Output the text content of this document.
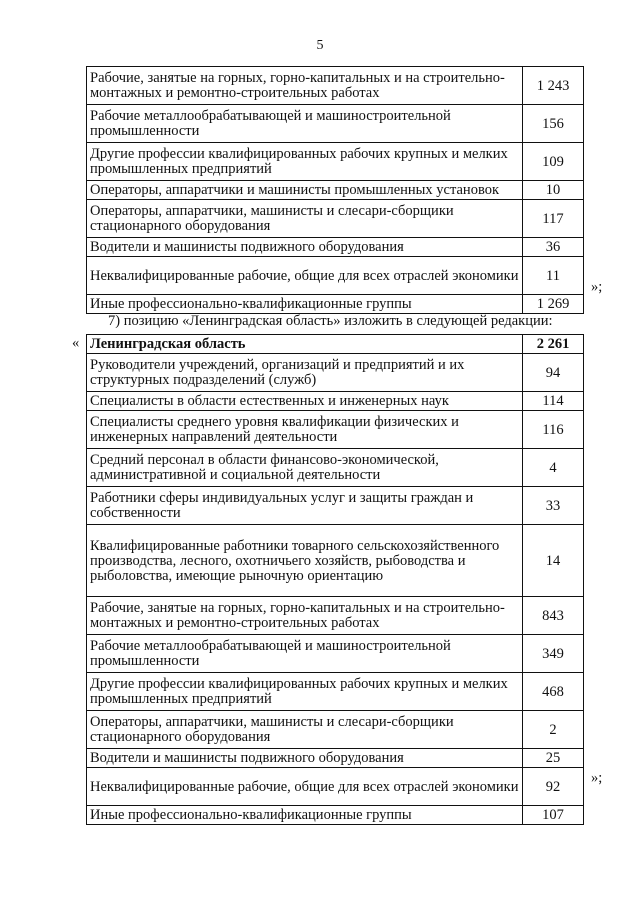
5
Рабочие, занятые на горных, горно-капитальных и на строительно-монтажных и ремонтно-строительных работах	1 243
Рабочие металлообрабатывающей и машиностроительной промышленности	156
Другие профессии квалифицированных рабочих крупных и мелких промышленных предприятий	109
Операторы, аппаратчики и машинисты промышленных установок	10
Операторы, аппаратчики, машинисты и слесари-сборщики стационарного оборудования	117
Водители и машинисты подвижного оборудования	36
Неквалифицированные рабочие, общие для всех отраслей экономики	11
Иные профессионально-квалификационные группы	1 269
»;
7) позицию «Ленинградская область» изложить в следующей редакции:
« Ленинградская область	2 261
Руководители учреждений, организаций и предприятий и их структурных подразделений (служб)	94
Специалисты в области естественных и инженерных наук	114
Специалисты среднего уровня квалификации физических и инженерных направлений деятельности	116
Средний персонал в области финансово-экономической, административной и социальной деятельности	4
Работники сферы индивидуальных услуг и защиты граждан и собственности	33
Квалифицированные работники товарного сельскохозяйственного производства, лесного, охотничьего хозяйств, рыбоводства и рыболовства, имеющие рыночную ориентацию	14
Рабочие, занятые на горных, горно-капитальных и на строительно-монтажных и ремонтно-строительных работах	843
Рабочие металлообрабатывающей и машиностроительной промышленности	349
Другие профессии квалифицированных рабочих крупных и мелких промышленных предприятий	468
Операторы, аппаратчики, машинисты и слесари-сборщики стационарного оборудования	2
Водители и машинисты подвижного оборудования	25
Неквалифицированные рабочие, общие для всех отраслей экономики	92
Иные профессионально-квалификационные группы	107
»;
